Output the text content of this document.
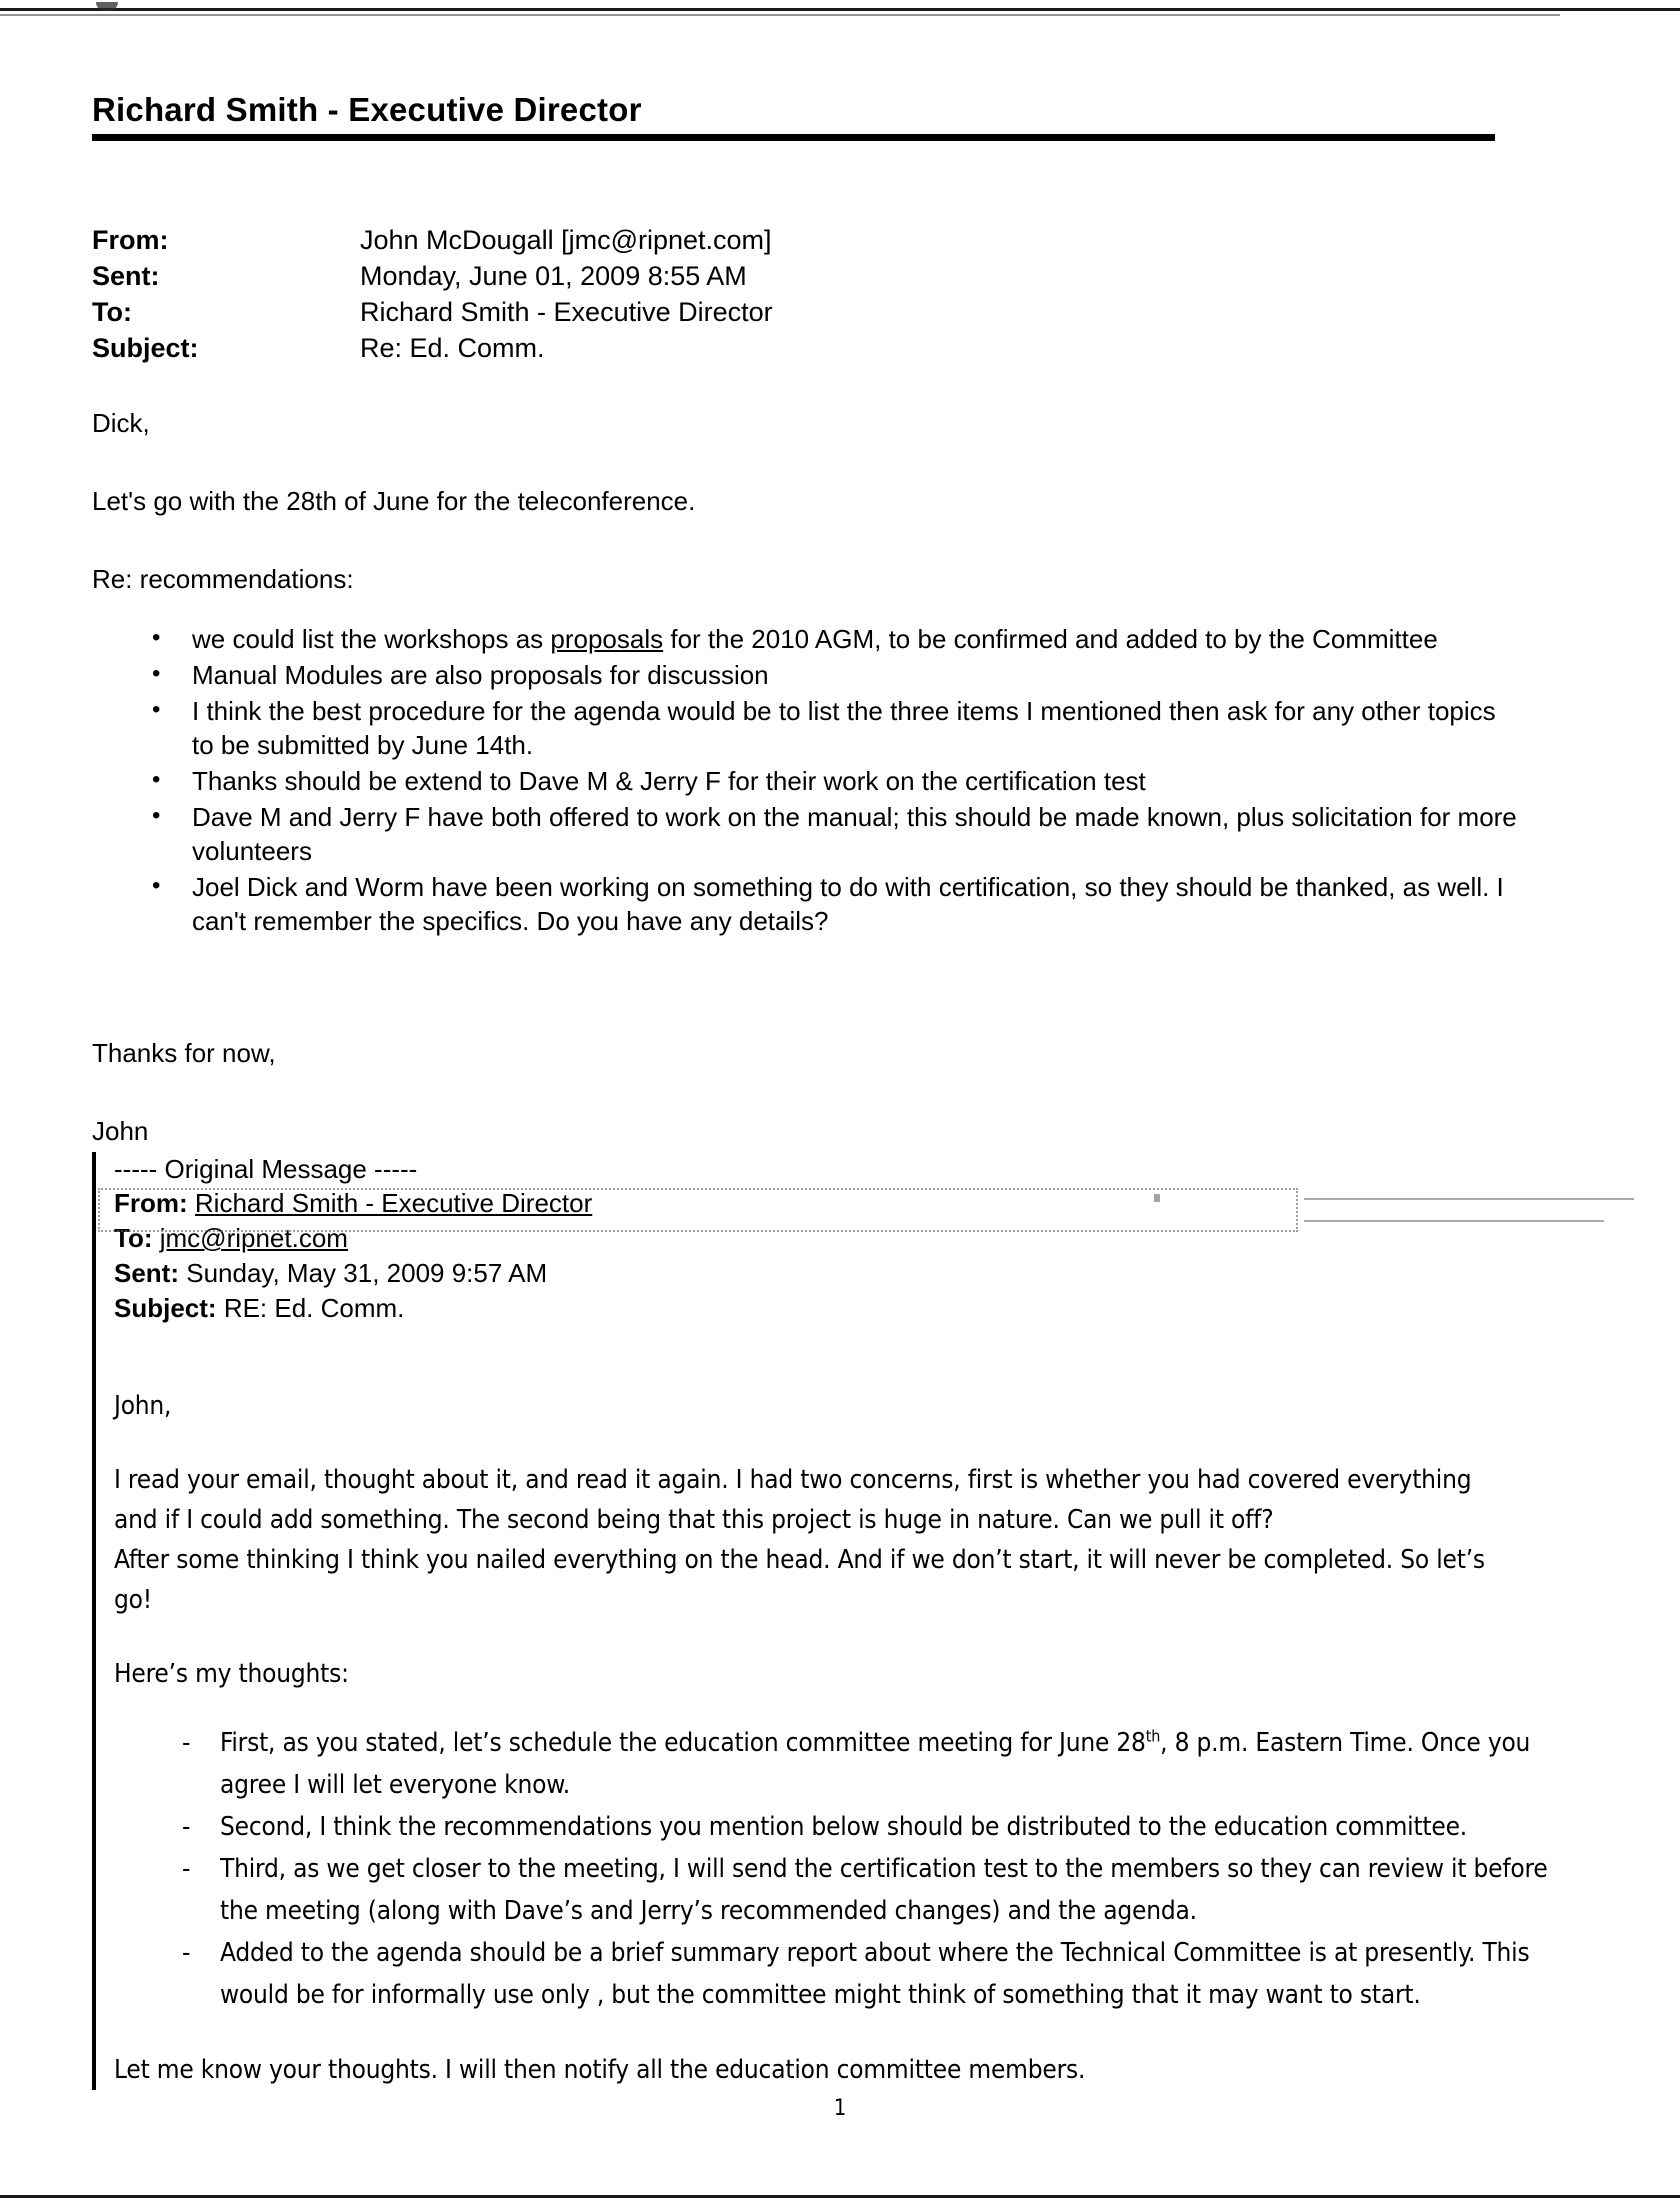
Richard Smith - Executive Director
From:	John McDougall [jmc@ripnet.com]
Sent:	Monday, June 01, 2009 8:55 AM
To:	Richard Smith - Executive Director
Subject:	Re: Ed. Comm.
Dick,
Let's go with the 28th of June for the teleconference.
Re: recommendations:
• we could list the workshops as proposals for the 2010 AGM, to be confirmed and added to by the Committee
• Manual Modules are also proposals for discussion
• I think the best procedure for the agenda would be to list the three items I mentioned then ask for any other topics to be submitted by June 14th.
• Thanks should be extend to Dave M & Jerry F for their work on the certification test
• Dave M and Jerry F have both offered to work on the manual; this should be made known, plus solicitation for more volunteers
• Joel Dick and Worm have been working on something to do with certification, so they should be thanked, as well. I can't remember the specifics. Do you have any details?
Thanks for now,
John
----- Original Message -----
From: Richard Smith - Executive Director
To: jmc@ripnet.com
Sent: Sunday, May 31, 2009 9:57 AM
Subject: RE: Ed. Comm.
John,
I read your email, thought about it, and read it again. I had two concerns, first is whether you had covered everything
and if I could add something. The second being that this project is huge in nature. Can we pull it off?
After some thinking I think you nailed everything on the head. And if we don’t start, it will never be completed. So let’s
go!
Here’s my thoughts:
- First, as you stated, let’s schedule the education committee meeting for June 28th, 8 p.m. Eastern Time. Once you agree I will let everyone know.
- Second, I think the recommendations you mention below should be distributed to the education committee.
- Third, as we get closer to the meeting, I will send the certification test to the members so they can review it before the meeting (along with Dave’s and Jerry’s recommended changes) and the agenda.
- Added to the agenda should be a brief summary report about where the Technical Committee is at presently. This would be for informally use only , but the committee might think of something that it may want to start.
Let me know your thoughts. I will then notify all the education committee members.
1
